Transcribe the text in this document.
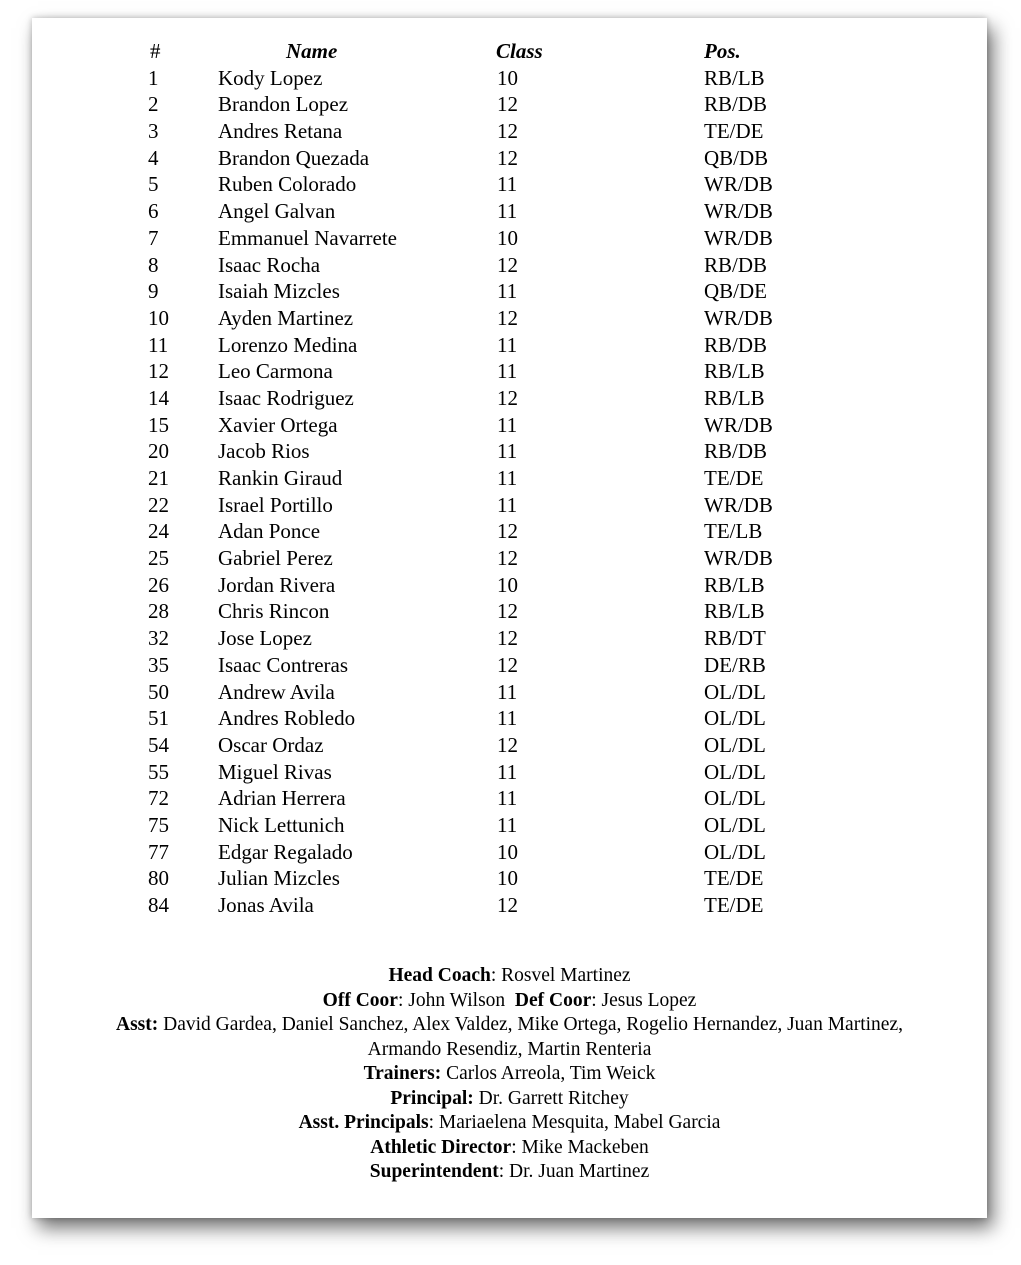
#	Name	Class	Pos.
1	Kody Lopez	10	RB/LB
2	Brandon Lopez	12	RB/DB
3	Andres Retana	12	TE/DE
4	Brandon Quezada	12	QB/DB
5	Ruben Colorado	11	WR/DB
6	Angel Galvan	11	WR/DB
7	Emmanuel Navarrete	10	WR/DB
8	Isaac Rocha	12	RB/DB
9	Isaiah Mizcles	11	QB/DE
10 Ayden Martinez	12	WR/DB
11 Lorenzo Medina	11	RB/DB
12 Leo Carmona	11	RB/LB
14 Isaac Rodriguez	12	RB/LB
15 Xavier Ortega	11	WR/DB
20 Jacob Rios	11	RB/DB
21 Rankin Giraud	11	TE/DE
22 Israel Portillo	11	WR/DB
24 Adan Ponce	12	TE/LB
25 Gabriel Perez	12	WR/DB
26 Jordan Rivera	10	RB/LB
28 Chris Rincon	12	RB/LB
32 Jose Lopez	12	RB/DT
35 Isaac Contreras	12	DE/RB
50 Andrew Avila	11	OL/DL
51 Andres Robledo	11	OL/DL
54 Oscar Ordaz	12	OL/DL
55 Miguel Rivas	11	OL/DL
72 Adrian Herrera	11	OL/DL
75 Nick Lettunich	11	OL/DL
77 Edgar Regalado	10	OL/DL
80 Julian Mizcles	10	TE/DE
84 Jonas Avila	12	TE/DE
Head Coach: Rosvel Martinez
Off Coor: John Wilson  Def Coor: Jesus Lopez
Asst: David Gardea, Daniel Sanchez, Alex Valdez, Mike Ortega, Rogelio Hernandez, Juan Martinez,
Armando Resendiz, Martin Renteria
Trainers: Carlos Arreola, Tim Weick
Principal: Dr. Garrett Ritchey
Asst. Principals: Mariaelena Mesquita, Mabel Garcia
Athletic Director: Mike Mackeben
Superintendent: Dr. Juan Martinez
